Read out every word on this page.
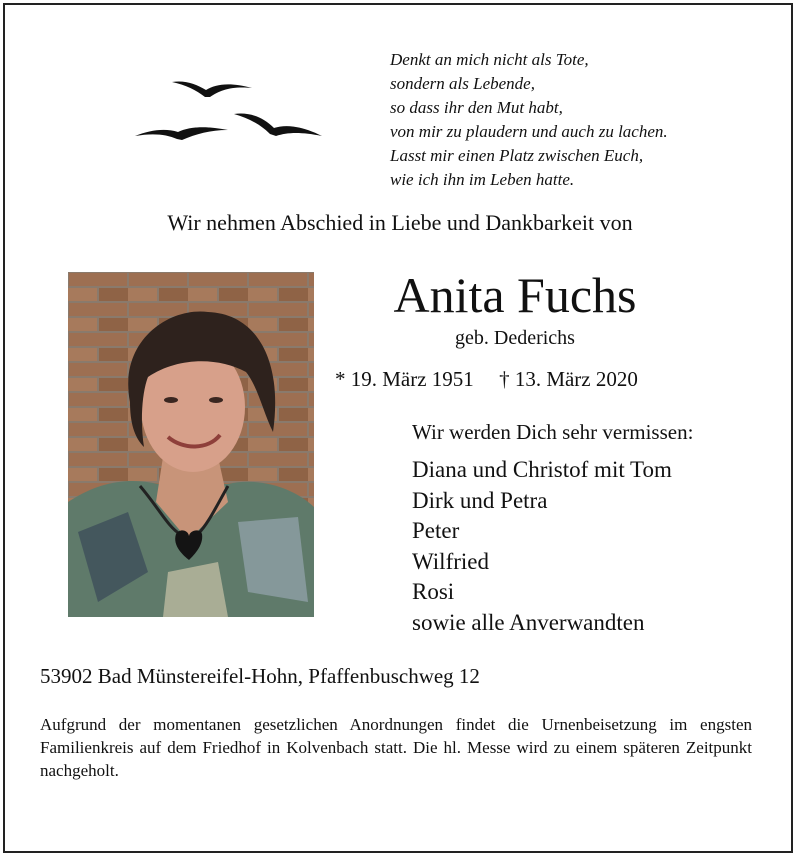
Denkt an mich nicht als Tote,
sondern als Lebende,
so dass ihr den Mut habt,
von mir zu plaudern und auch zu lachen.
Lasst mir einen Platz zwischen Euch,
wie ich ihn im Leben hatte.
Wir nehmen Abschied in Liebe und Dankbarkeit von
Anita Fuchs
geb. Dederichs
* 19. März 1951 † 13. März 2020
Wir werden Dich sehr vermissen:
Diana und Christof mit Tom
Dirk und Petra
Peter
Wilfried
Rosi
sowie alle Anverwandten
53902 Bad Münstereifel-Hohn, Pfaffenbuschweg 12
Aufgrund der momentanen gesetzlichen Anordnungen findet die Urnenbeisetzung im engsten Familienkreis auf dem Friedhof in Kolvenbach statt. Die hl. Messe wird zu einem späteren Zeitpunkt nachgeholt.
